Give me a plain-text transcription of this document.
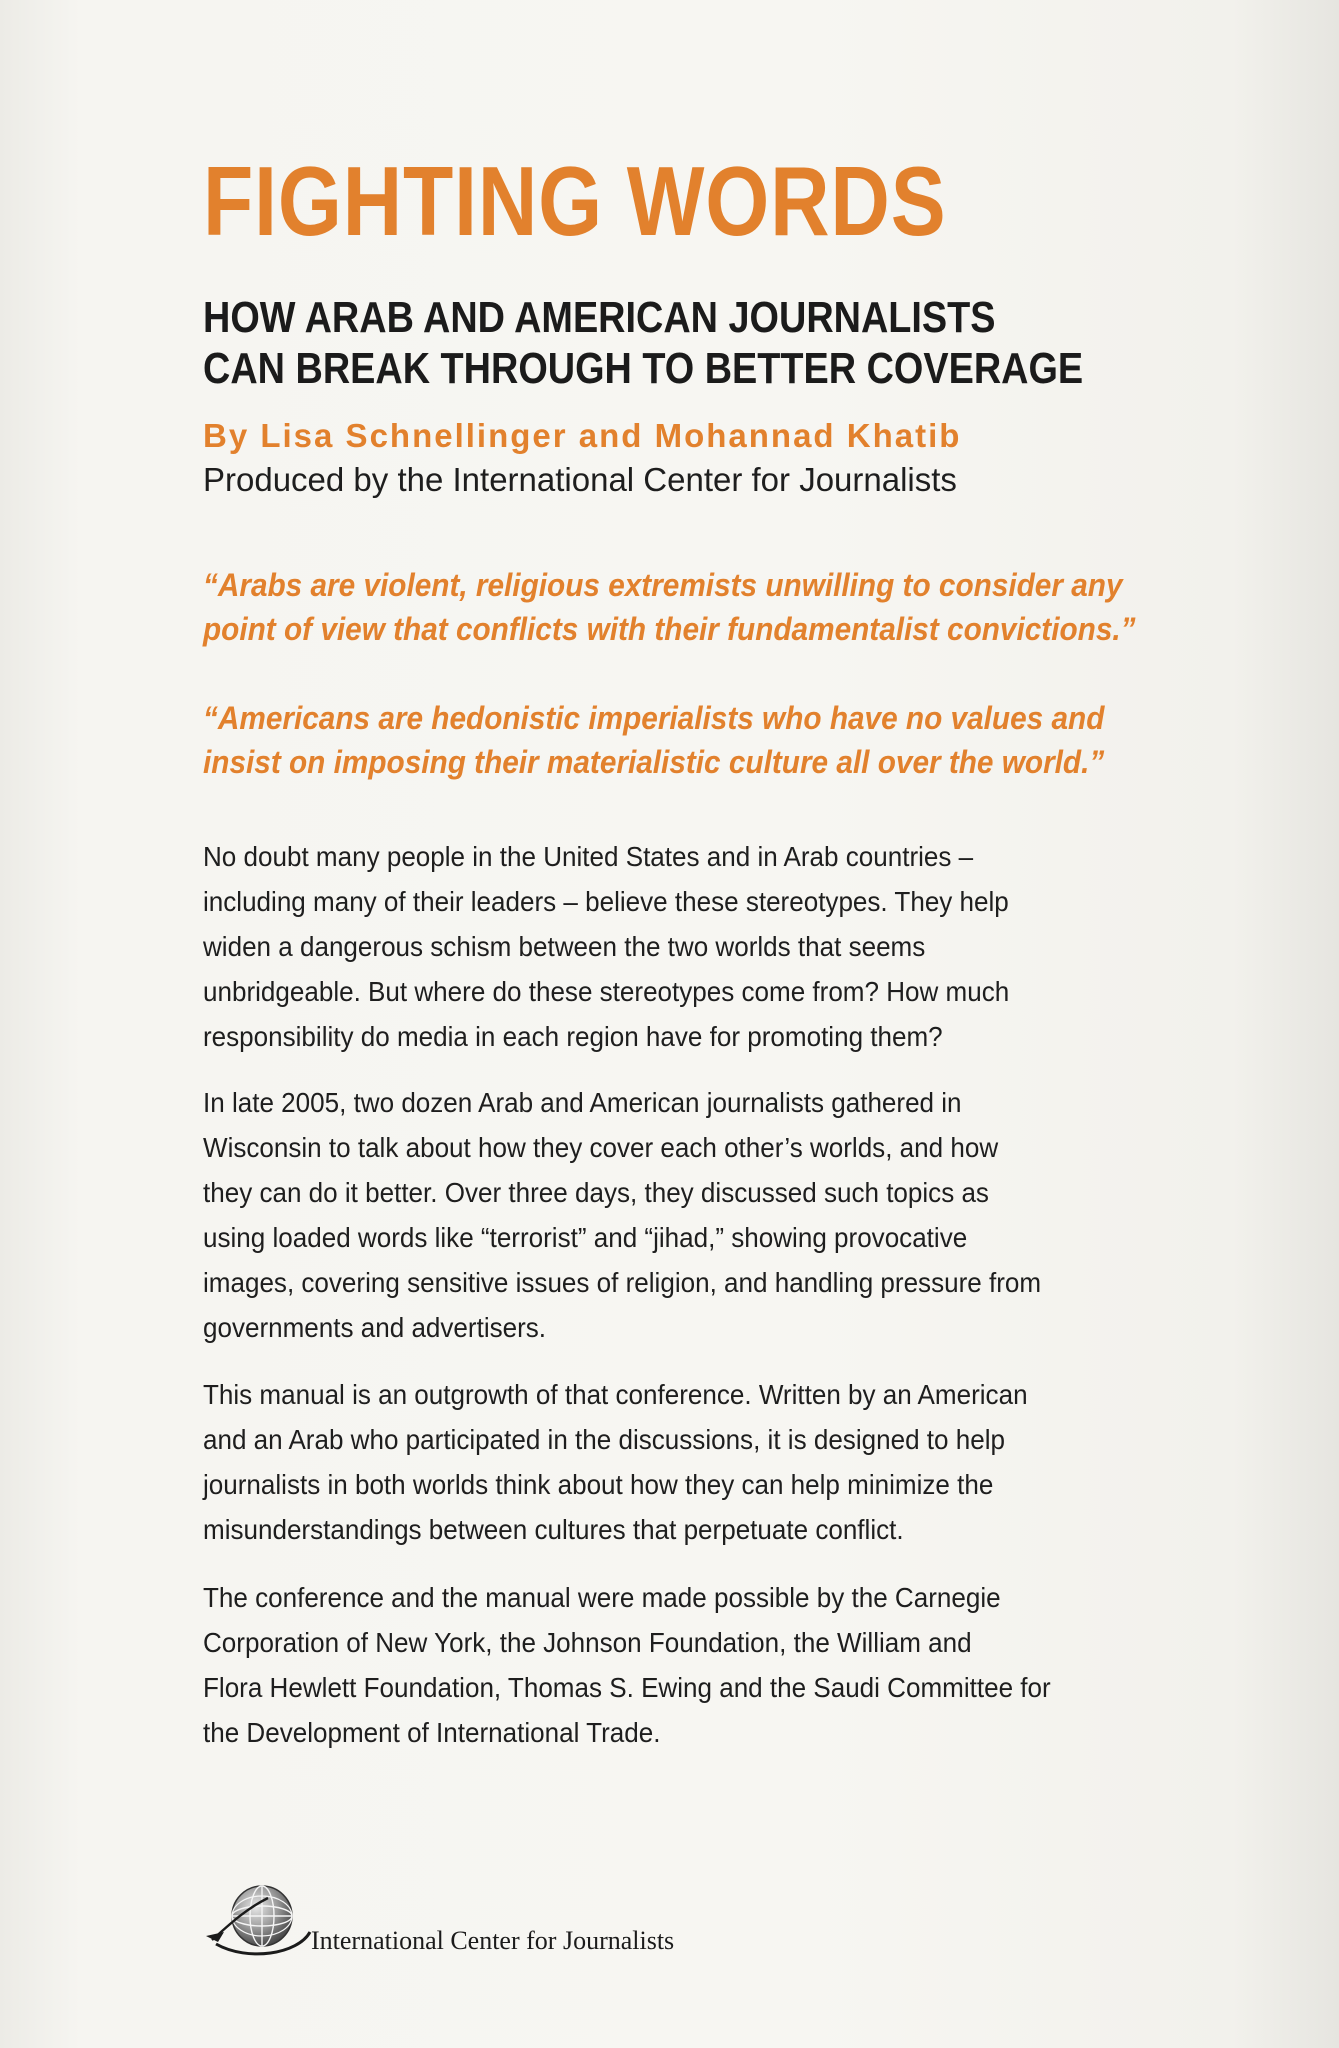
FIGHTING WORDS
HOW ARAB AND AMERICAN JOURNALISTS
CAN BREAK THROUGH TO BETTER COVERAGE
By Lisa Schnellinger and Mohannad Khatib
Produced by the International Center for Journalists

“Arabs are violent, religious extremists unwilling to consider any
point of view that conflicts with their fundamentalist convictions.”

“Americans are hedonistic imperialists who have no values and
insist on imposing their materialistic culture all over the world.”

No doubt many people in the United States and in Arab countries –
including many of their leaders – believe these stereotypes. They help
widen a dangerous schism between the two worlds that seems
unbridgeable. But where do these stereotypes come from? How much
responsibility do media in each region have for promoting them?

In late 2005, two dozen Arab and American journalists gathered in
Wisconsin to talk about how they cover each other’s worlds, and how
they can do it better. Over three days, they discussed such topics as
using loaded words like “terrorist” and “jihad,” showing provocative
images, covering sensitive issues of religion, and handling pressure from
governments and advertisers.

This manual is an outgrowth of that conference. Written by an American
and an Arab who participated in the discussions, it is designed to help
journalists in both worlds think about how they can help minimize the
misunderstandings between cultures that perpetuate conflict.

The conference and the manual were made possible by the Carnegie
Corporation of New York, the Johnson Foundation, the William and
Flora Hewlett Foundation, Thomas S. Ewing and the Saudi Committee for
the Development of International Trade.

International Center for Journalists
